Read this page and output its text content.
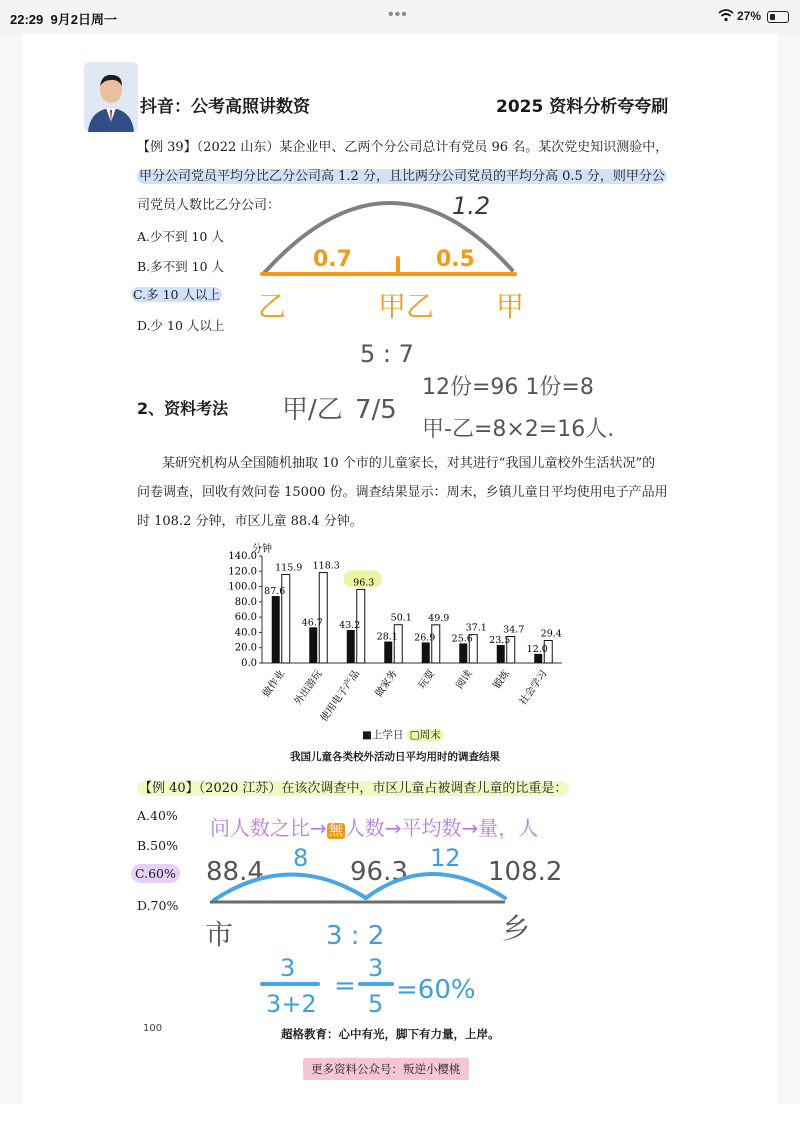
22:29 9月2日周一	•••	27%
抖音：公考高照讲数资	2025 资料分析夸夸刷
【例 39】（2022 山东）某企业甲、乙两个分公司总计有党员 96 名。某次党史知识测验中，
甲分公司党员平均分比乙分公司高 1.2 分，且比两分公司党员的平均分高 0.5 分，则甲分公
司党员人数比乙分公司：
A.少不到 10 人
B.多不到 10 人
C.多 10 人以上
D.少 10 人以上
1.2
0.7	0.5
乙	甲乙 甲
5 : 7
甲/乙 7/5
12份=96 1份=8
甲-乙=8×2=16人.
2、资料考法
某研究机构从全国随机抽取 10 个市的儿童家长，对其进行“我国儿童校外生活状况”的
问卷调查，回收有效问卷 15000 份。调查结果显示：周末，乡镇儿童日平均使用电子产品用
时 108.2 分钟，市区儿童 88.4 分钟。
分钟
0.0
20.0
40.0
60.0
80.0
100.0
120.0
140.0
87.6
115.9
做作业
46.7
118.3
外出游玩
43.2
96.3
使用电子产品
28.1
50.1
做家务
26.9
49.9
玩耍
25.6
37.1
阅读
23.5
34.7
锻炼
12.0
29.4
社会学习
■上学日 □周末
我国儿童各类校外活动日平均用时的调查结果
【例 40】（2020 江苏）在该次调查中，市区儿童占被调查儿童的比重是：
A.40%
B.50%
C.60%
D.70%
问人数之比→ 無 人数→平均数→量，人
88.4	96.3	108.2
8	12
市	乡
3 : 2
3
3+2
=
3
5 =60%
100	超格教育：心中有光，脚下有力量，上岸。
更多资料公众号：叛逆小樱桃
